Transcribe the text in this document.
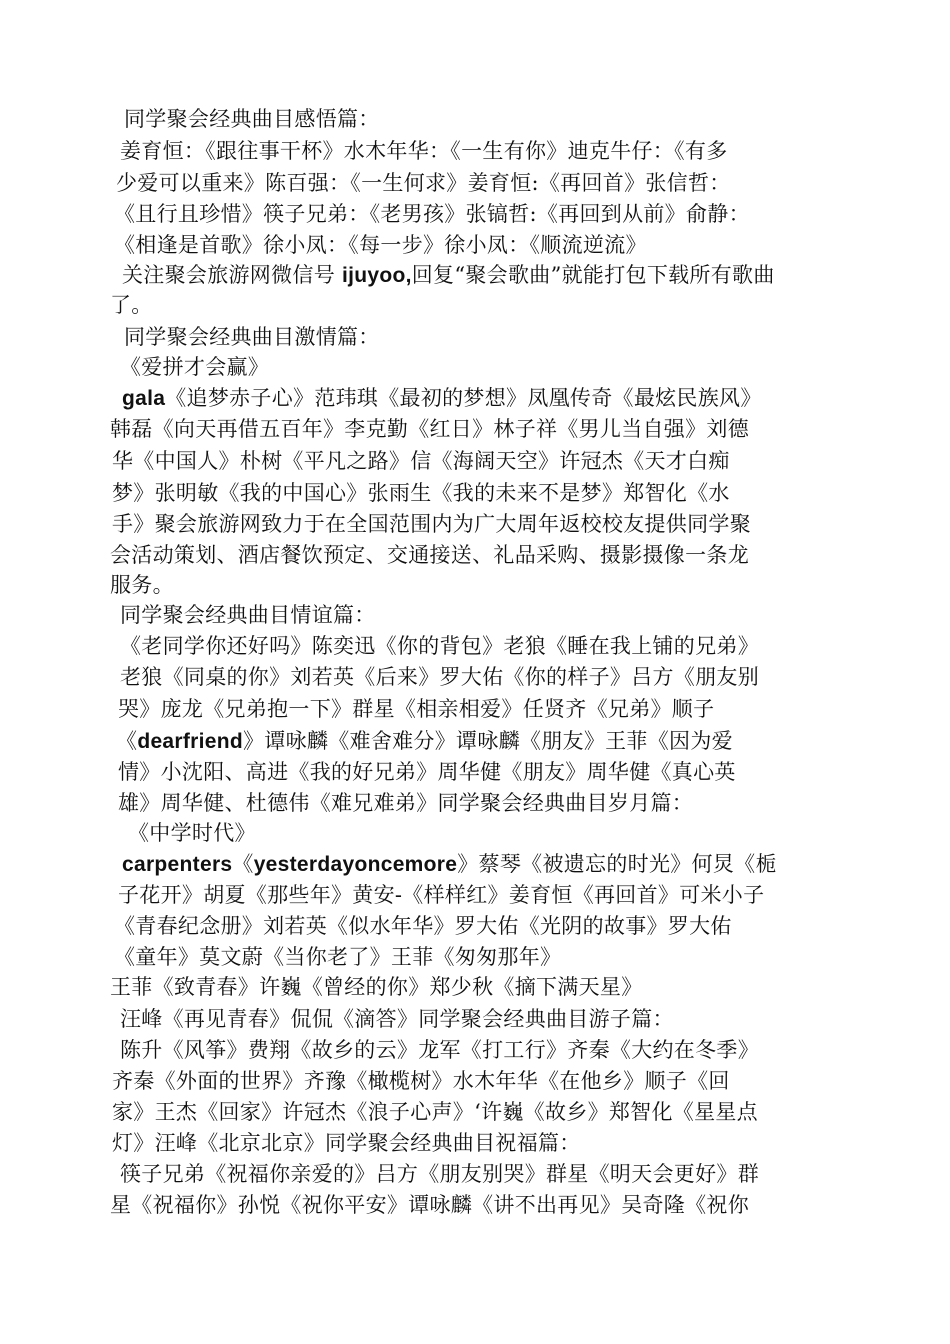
同学聚会经典曲目感悟篇：
姜育恒：《跟往事干杯》水木年华：《一生有你》迪克牛仔：《有多
少爱可以重来》陈百强：《一生何求》姜育恒:《再回首》张信哲：
《且行且珍惜》筷子兄弟：《老男孩》张镐哲:《再回到从前》俞静：
《相逢是首歌》徐小凤：《每一步》徐小凤：《顺流逆流》
关注聚会旅游网微信号 ijuyoo,回复“聚会歌曲”就能打包下载所有歌曲
了。
同学聚会经典曲目激情篇：
《爱拼才会赢》
gala《追梦赤子心》范玮琪《最初的梦想》凤凰传奇《最炫民族风》
韩磊《向天再借五百年》李克勤《红日》林子祥《男儿当自强》刘德
华《中国人》朴树《平凡之路》信《海阔天空》许冠杰《天才白痴
梦》张明敏《我的中国心》张雨生《我的未来不是梦》郑智化《水
手》聚会旅游网致力于在全国范围内为广大周年返校校友提供同学聚
会活动策划、酒店餐饮预定、交通接送、礼品采购、摄影摄像一条龙
服务。
同学聚会经典曲目情谊篇：
《老同学你还好吗》陈奕迅《你的背包》老狼《睡在我上铺的兄弟》
老狼《同桌的你》刘若英《后来》罗大佑《你的样子》吕方《朋友别
哭》庞龙《兄弟抱一下》群星《相亲相爱》任贤齐《兄弟》顺子
《dearfriend》谭咏麟《难舍难分》谭咏麟《朋友》王菲《因为爱
情》小沈阳、高进《我的好兄弟》周华健《朋友》周华健《真心英
雄》周华健、杜德伟《难兄难弟》同学聚会经典曲目岁月篇：
《中学时代》
carpenters《yesterdayoncemore》蔡琴《被遗忘的时光》何炅《栀
子花开》胡夏《那些年》黄安-《样样红》姜育恒《再回首》可米小子
《青春纪念册》刘若英《似水年华》罗大佑《光阴的故事》罗大佑
《童年》莫文蔚《当你老了》王菲《匆匆那年》
王菲《致青春》许巍《曾经的你》郑少秋《摘下满天星》
汪峰《再见青春》侃侃《滴答》同学聚会经典曲目游子篇：
陈升《风筝》费翔《故乡的云》龙军《打工行》齐秦《大约在冬季》
齐秦《外面的世界》齐豫《橄榄树》水木年华《在他乡》顺子《回
家》王杰《回家》许冠杰《浪子心声》‘许巍《故乡》郑智化《星星点
灯》汪峰《北京北京》同学聚会经典曲目祝福篇：
筷子兄弟《祝福你亲爱的》吕方《朋友别哭》群星《明天会更好》群
星《祝福你》孙悦《祝你平安》谭咏麟《讲不出再见》吴奇隆《祝你
